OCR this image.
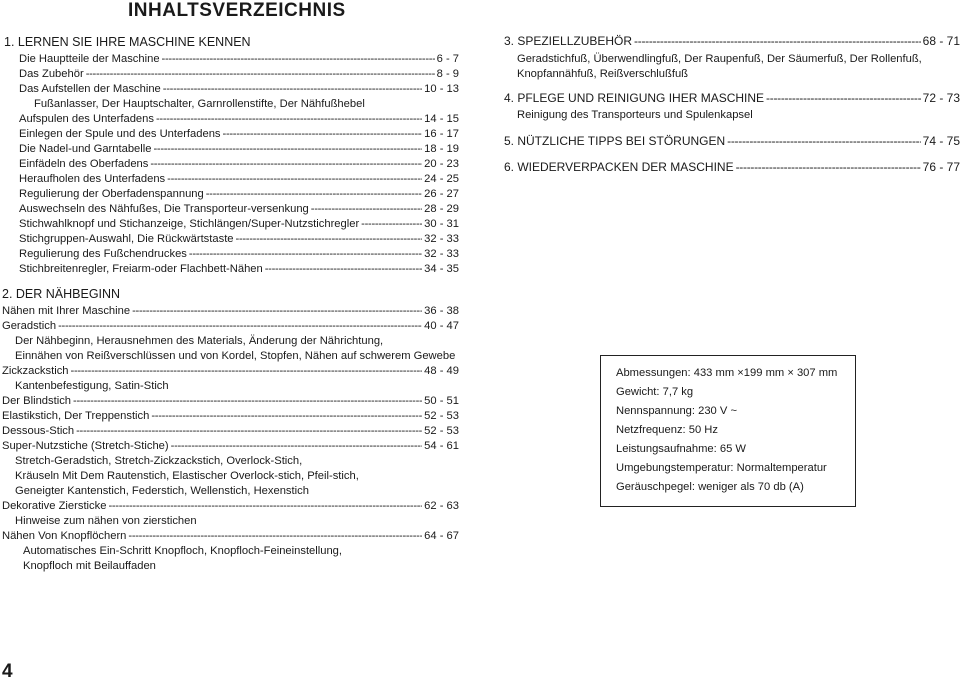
INHALTSVERZEICHNIS
1. LERNEN SIE IHRE MASCHINE KENNEN
Die Hauptteile der Maschine -----	6 - 7
Das Zubehör -----	8 - 9
Das Aufstellen der Maschine -----	10 - 13
Fußanlasser, Der Hauptschalter, Garnrollenstifte, Der Nähfußhebel
Aufspulen des Unterfadens -----	14 - 15
Einlegen der Spule und des Unterfadens -----	16 - 17
Die Nadel-und Garntabelle -----	18 - 19
Einfädeln des Oberfadens -----	20 - 23
Heraufholen des Unterfadens -----	24 - 25
Regulierung der Oberfadenspannung -----	26 - 27
Auswechseln des Nähfußes, Die Transporteur-versenkung -----	28 - 29
Stichwahlknopf und Stichanzeige, Stichlängen/Super-Nutzstichregler -----	30 - 31
Stichgruppen-Auswahl, Die Rückwärtstaste -----	32 - 33
Regulierung des Fußchendruckes -----	32 - 33
Stichbreitenregler, Freiarm-oder Flachbett-Nähen -----	34 - 35
2. DER NÄHBEGINN
Nähen mit Ihrer Maschine -----	36 - 38
Geradstich -----	40 - 47
Der Nähbeginn, Herausnehmen des Materials, Änderung der Nährichtung,
Einnähen von Reißverschlüssen und von Kordel, Stopfen, Nähen auf schwerem Gewebe
Zickzackstich -----	48 - 49
Kantenbefestigung, Satin-Stich
Der Blindstich -----	50 - 51
Elastikstich, Der Treppenstich -----	52 - 53
Dessous-Stich -----	52 - 53
Super-Nutzstiche (Stretch-Stiche) -----	54 - 61
Stretch-Geradstich, Stretch-Zickzackstich, Overlock-Stich,
Kräuseln Mit Dem Rautenstich, Elastischer Overlock-stich, Pfeil-stich,
Geneigter Kantenstich, Federstich, Wellenstich, Hexenstich
Dekorative Ziersticke -----	62 - 63
Hinweise zum nähen von zierstichen
Nähen Von Knopflöchern -----	64 - 67
Automatisches Ein-Schritt Knopfloch, Knopfloch-Feineinstellung,
Knopfloch mit Beilauffaden
3. SPEZIELLZUBEHÖR -----	68 - 71
Geradstichfuß, Überwendlingfuß, Der Raupenfuß, Der Säumerfuß, Der Rollenfuß,
Knopfannähfuß, Reißverschlußfuß
4. PFLEGE UND REINIGUNG IHER MASCHINE -----	72 - 73
Reinigung des Transporteurs und Spulenkapsel
5. NÜTZLICHE TIPPS BEI STÖRUNGEN -----	74 - 75
6. WIEDERVERPACKEN DER MASCHINE -----	76 - 77
Abmessungen: 433 mm ×199 mm × 307 mm
Gewicht: 7,7 kg
Nennspannung: 230 V ~
Netzfrequenz: 50 Hz
Leistungsaufnahme: 65 W
Umgebungstemperatur: Normaltemperatur
Geräuschpegel: weniger als 70 db (A)
4
